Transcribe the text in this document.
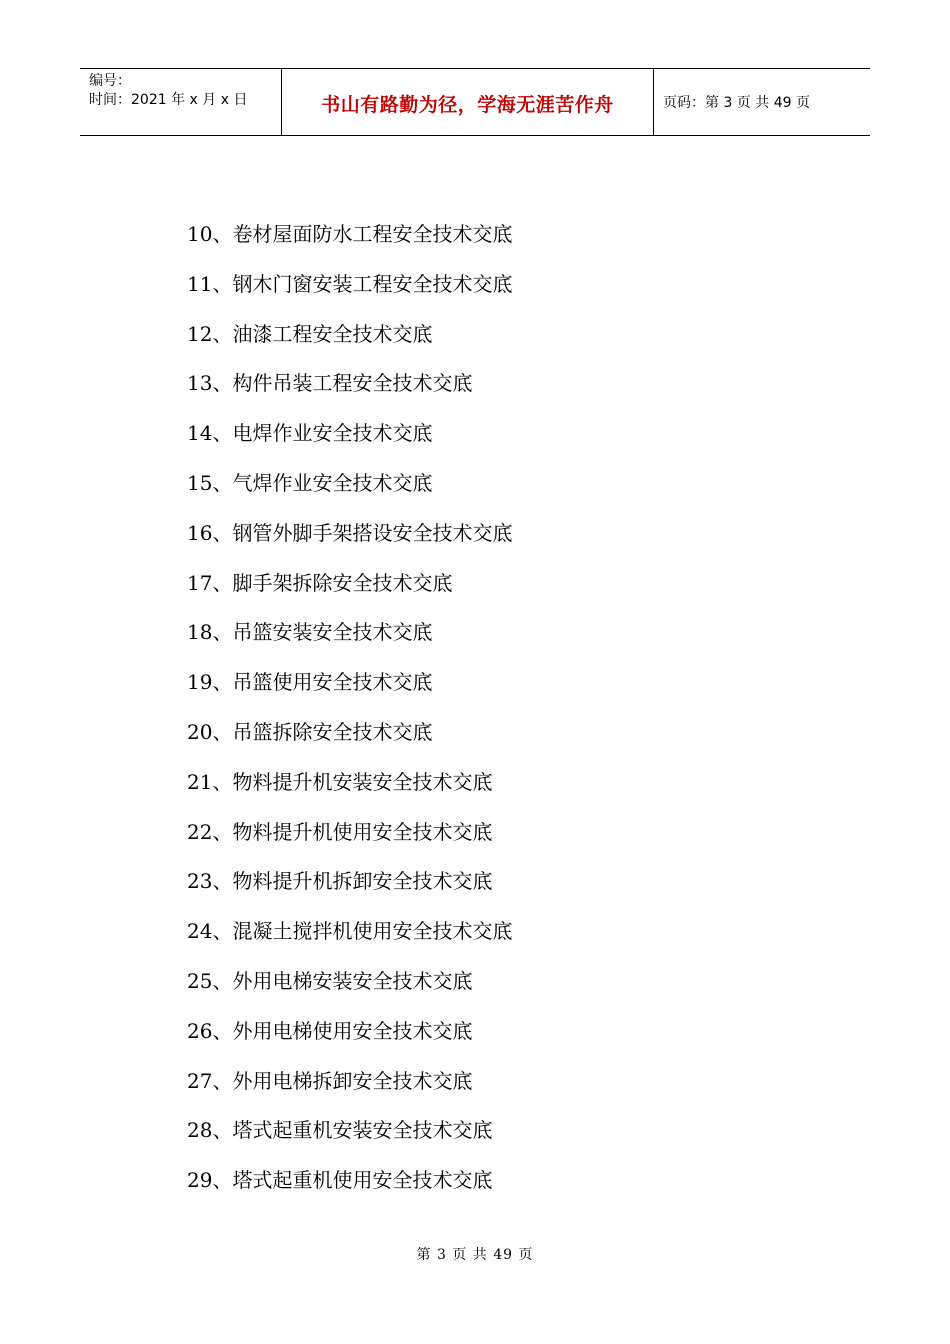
编号：
时间：2021 年 x 月 x 日	书山有路勤为径，学海无涯苦作舟	页码：第 3 页 共 49 页
10、卷材屋面防水工程安全技术交底
11、钢木门窗安装工程安全技术交底
12、油漆工程安全技术交底
13、构件吊装工程安全技术交底
14、电焊作业安全技术交底
15、气焊作业安全技术交底
16、钢管外脚手架搭设安全技术交底
17、脚手架拆除安全技术交底
18、吊篮安装安全技术交底
19、吊篮使用安全技术交底
20、吊篮拆除安全技术交底
21、物料提升机安装安全技术交底
22、物料提升机使用安全技术交底
23、物料提升机拆卸安全技术交底
24、混凝土搅拌机使用安全技术交底
25、外用电梯安装安全技术交底
26、外用电梯使用安全技术交底
27、外用电梯拆卸安全技术交底
28、塔式起重机安装安全技术交底
29、塔式起重机使用安全技术交底
第 3 页 共 49 页
